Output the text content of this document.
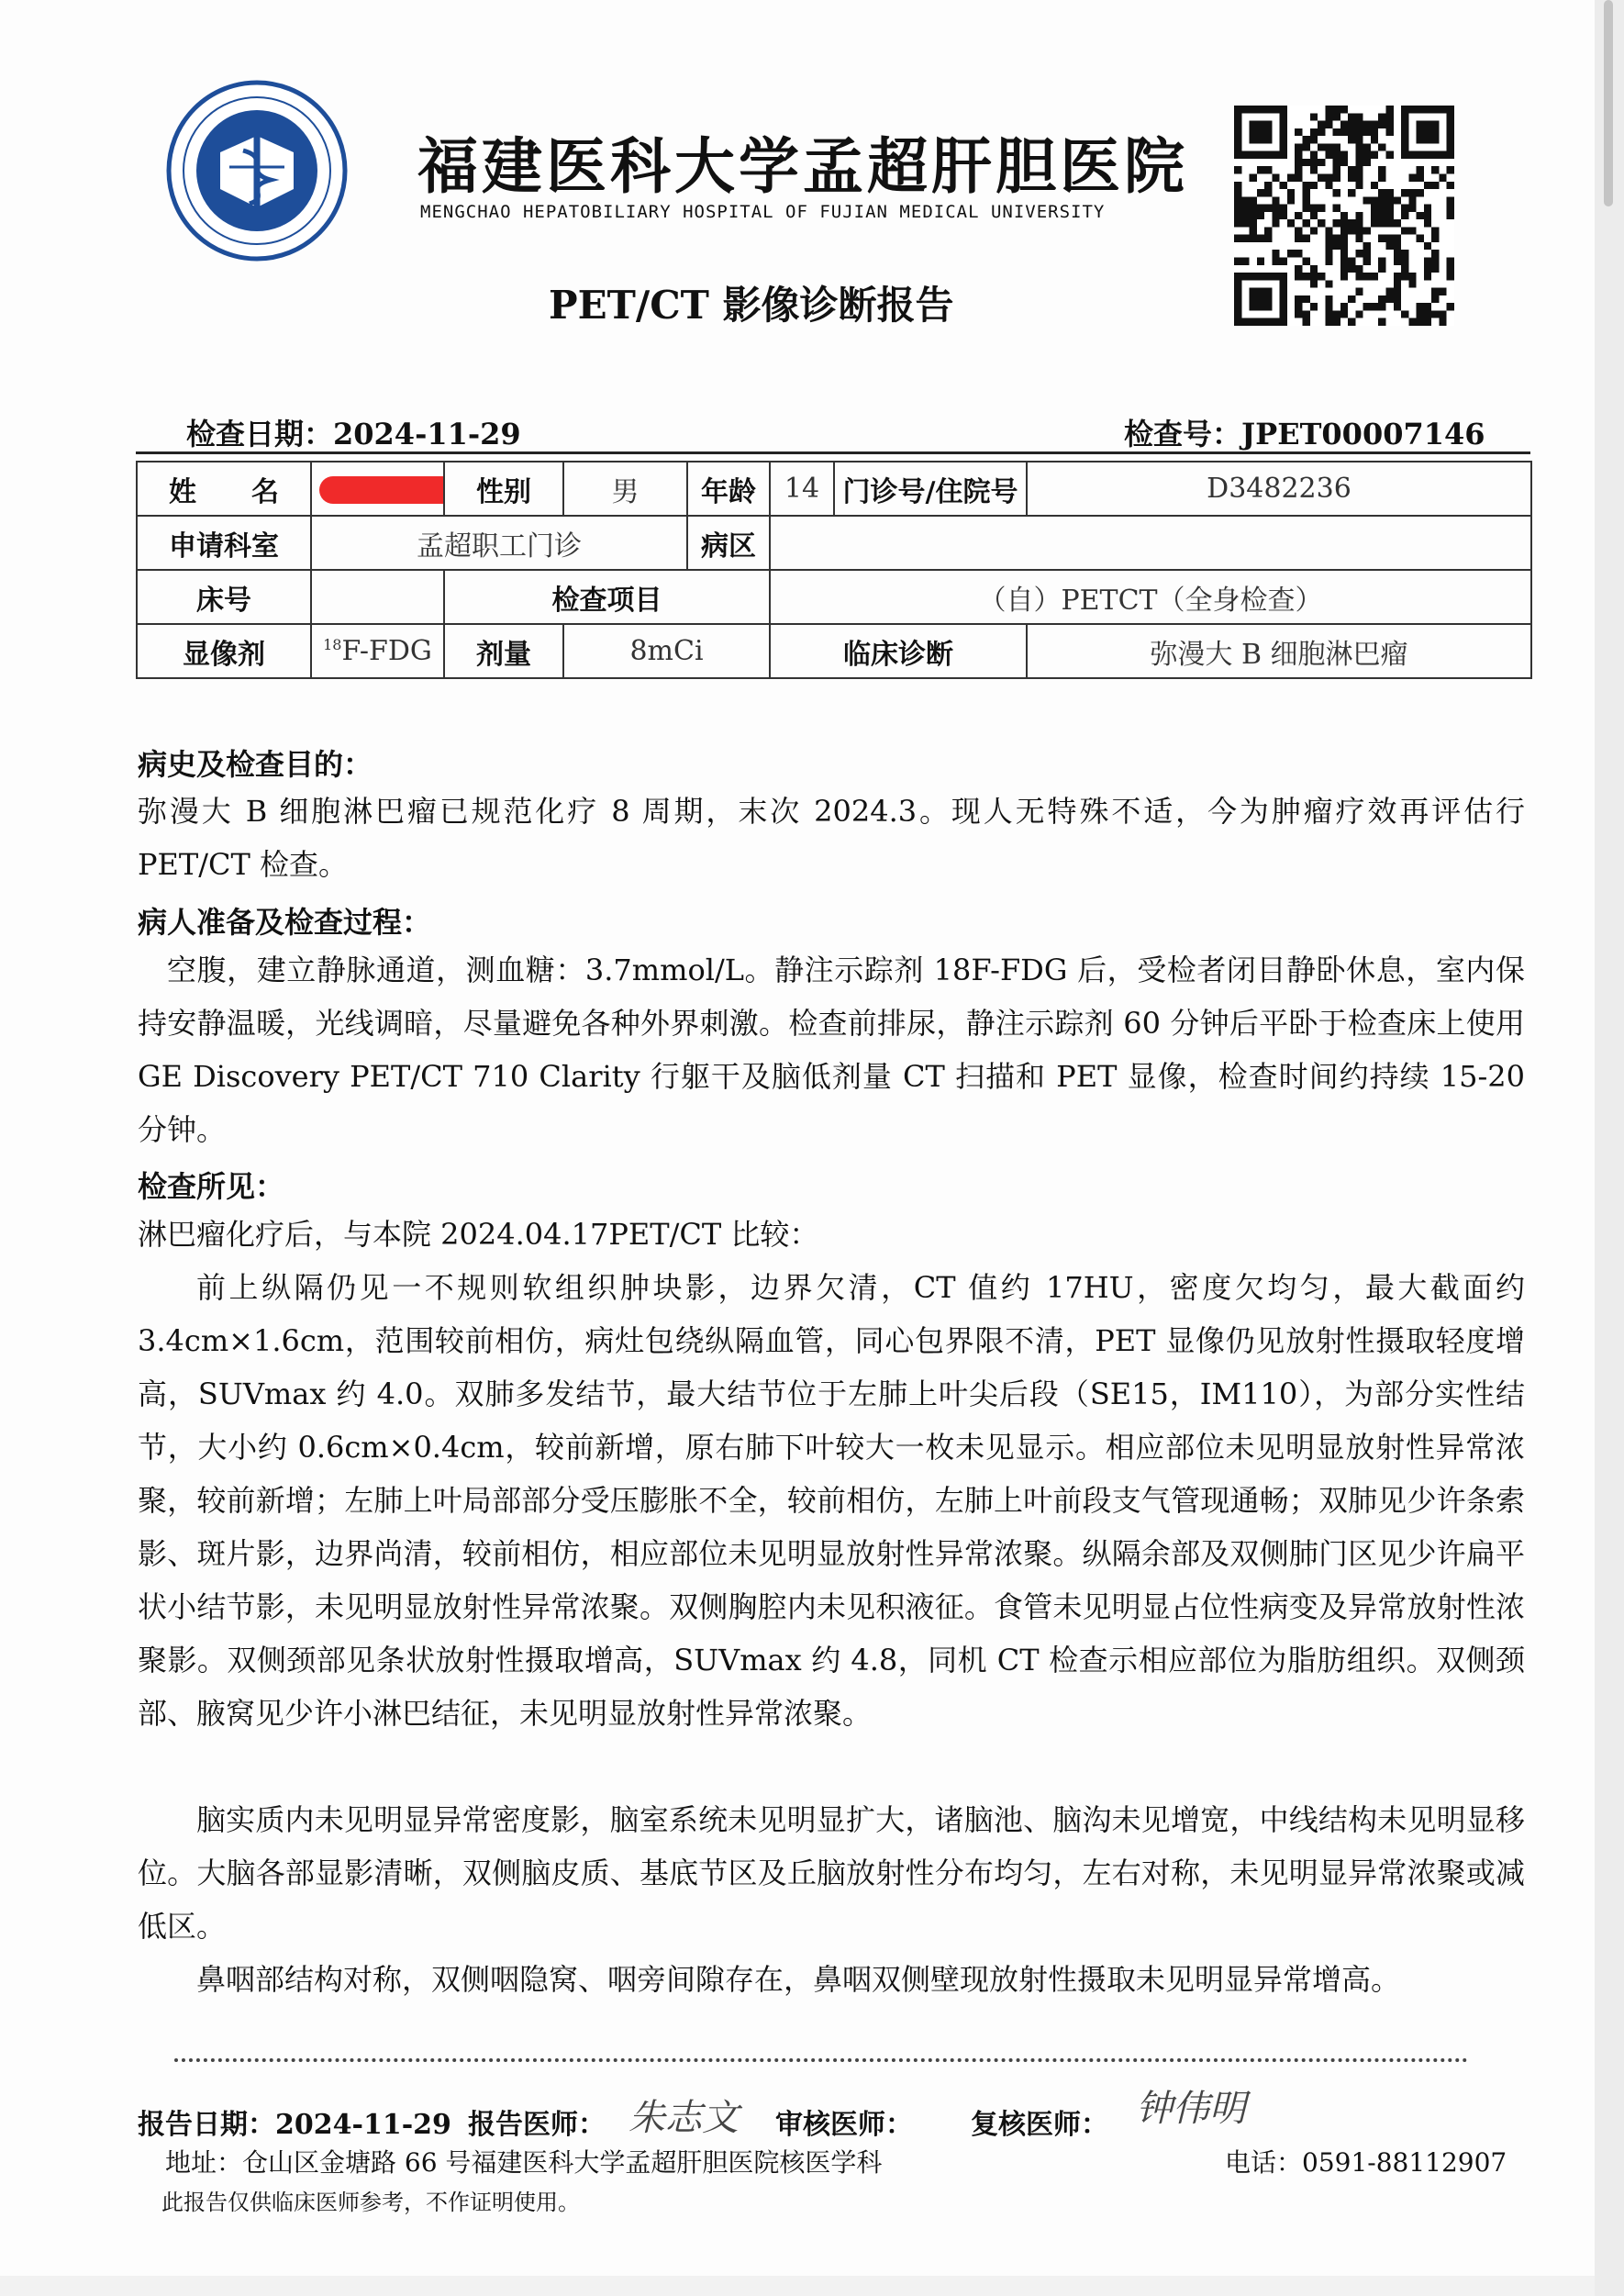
福建医科大学孟超肝胆医院
MENGCHAO HEPATOBILIARY HOSPITAL OF FUJIAN MEDICAL UNIVERSITY
PET/CT 影像诊断报告
检查日期：2024-11-29	检查号：JPET00007146
姓　　名		性别	男	年龄	14	门诊号/住院号	D3482236
申请科室	孟超职工门诊			病区			
床号		检查项目			（自）PETCT（全身检查）		
显像剂	$^{18}$F-FDG	剂量	8mCi		临床诊断		弥漫大 B 细胞淋巴瘤
病史及检查目的：
弥漫大 B 细胞淋巴瘤已规范化疗 8 周期，末次 2024.3。现人无特殊不适，今为肿瘤疗效再评估行 PET/CT 检查。
病人准备及检查过程：
空腹，建立静脉通道，测血糖：3.7mmol/L。静注示踪剂 18F-FDG 后，受检者闭目静卧休息，室内保持安静温暖，光线调暗，尽量避免各种外界刺激。检查前排尿，静注示踪剂 60 分钟后平卧于检查床上使用 GE Discovery PET/CT 710 Clarity 行躯干及脑低剂量 CT 扫描和 PET 显像，检查时间约持续 15-20 分钟。
检查所见：
淋巴瘤化疗后，与本院 2024.04.17PET/CT 比较：
前上纵隔仍见一不规则软组织肿块影，边界欠清，CT 值约 17HU，密度欠均匀，最大截面约 3.4cm×1.6cm，范围较前相仿，病灶包绕纵隔血管，同心包界限不清，PET 显像仍见放射性摄取轻度增高，SUVmax 约 4.0。双肺多发结节，最大结节位于左肺上叶尖后段（SE15，IM110），为部分实性结节，大小约 0.6cm×0.4cm，较前新增，原右肺下叶较大一枚未见显示。相应部位未见明显放射性异常浓聚，较前新增；左肺上叶局部部分受压膨胀不全，较前相仿，左肺上叶前段支气管现通畅；双肺见少许条索影、斑片影，边界尚清，较前相仿，相应部位未见明显放射性异常浓聚。纵隔余部及双侧肺门区见少许扁平状小结节影，未见明显放射性异常浓聚。双侧胸腔内未见积液征。食管未见明显占位性病变及异常放射性浓聚影。双侧颈部见条状放射性摄取增高，SUVmax 约 4.8，同机 CT 检查示相应部位为脂肪组织。双侧颈部、腋窝见少许小淋巴结征，未见明显放射性异常浓聚。
脑实质内未见明显异常密度影，脑室系统未见明显扩大，诸脑池、脑沟未见增宽，中线结构未见明显移位。大脑各部显影清晰，双侧脑皮质、基底节区及丘脑放射性分布均匀，左右对称，未见明显异常浓聚或减低区。
鼻咽部结构对称，双侧咽隐窝、咽旁间隙存在，鼻咽双侧壁现放射性摄取未见明显异常增高。
报告日期：2024-11-29 报告医师： 朱志文 审核医师： 复核医师： 钟伟明
地址：仓山区金塘路 66 号福建医科大学孟超肝胆医院核医学科	电话：0591-88112907
此报告仅供临床医师参考，不作证明使用。
